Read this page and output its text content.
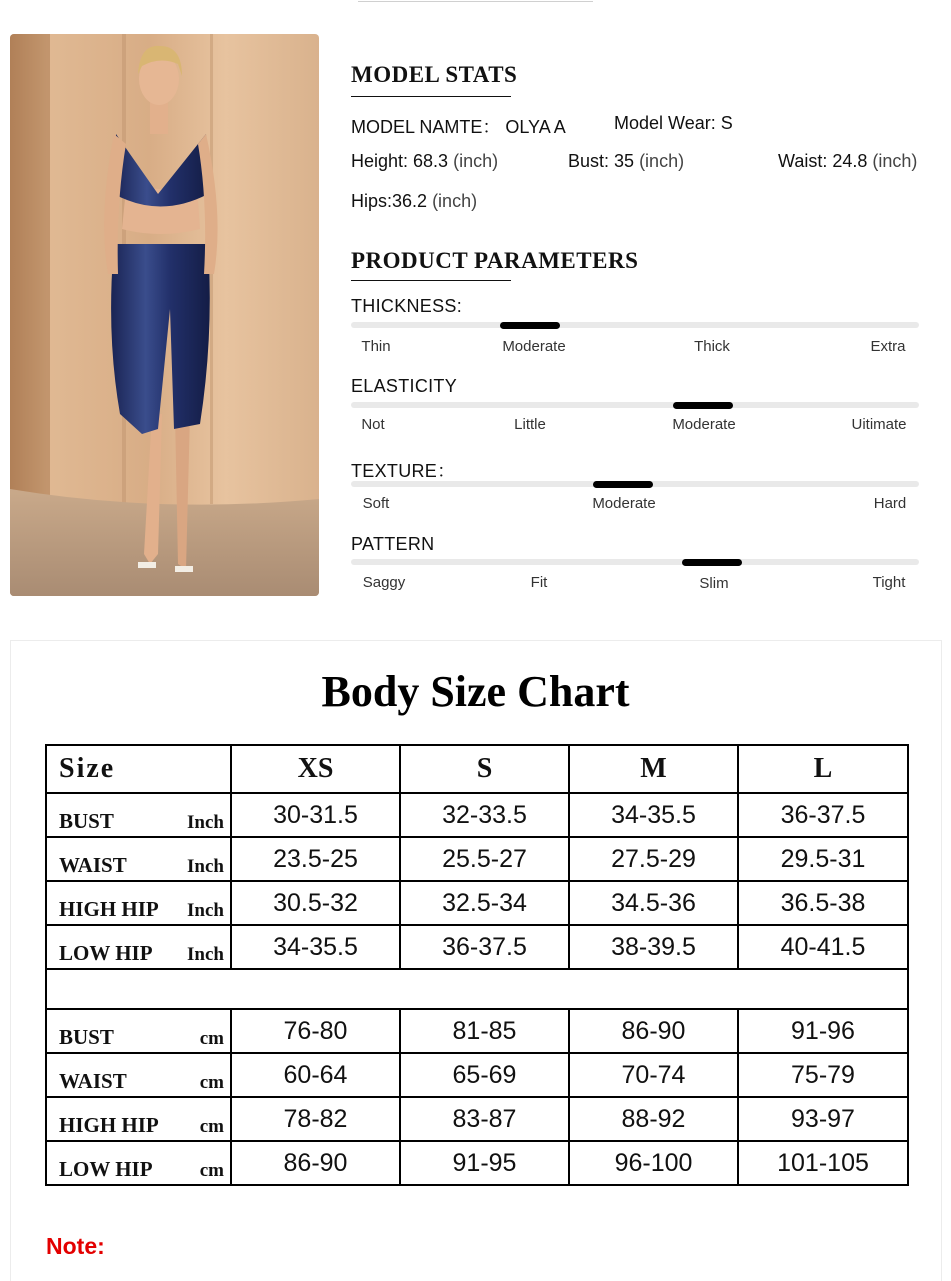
MODEL STATS
MODEL NAMTE： OLYA A	Model Wear: S
Height: 68.3 (inch)	Bust: 35 (inch)	Waist: 24.8 (inch)
Hips:36.2 (inch)
PRODUCT PARAMETERS
THICKNESS:
Thin	Moderate	Thick	Extra
ELASTICITY
Not	Little	Moderate	Uitimate
TEXTURE：
Soft	Moderate	Hard
PATTERN
Saggy	Fit	Slim	Tight
Body Size Chart
Size	XS	S	M	L

BUST Inch	30-31.5	32-33.5	34-35.5	36-37.5

WAIST Inch	23.5-25	25.5-27	27.5-29	29.5-31

HIGH HIP Inch	30.5-32	32.5-34	34.5-36	36.5-38

LOW HIP Inch	34-35.5	36-37.5	38-39.5	40-41.5

BUST cm	76-80	81-85	86-90	91-96

WAIST cm	60-64	65-69	70-74	75-79

HIGH HIP cm	78-82	83-87	88-92	93-97

LOW HIP cm	86-90	91-95	96-100	101-105
Note:
